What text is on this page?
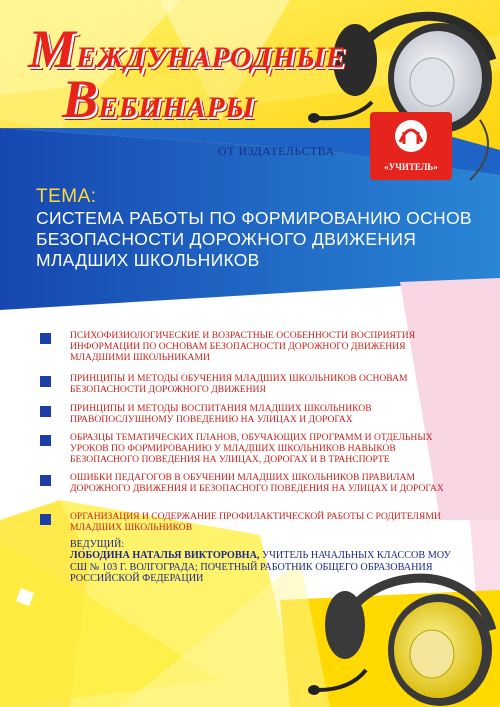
МЕЖДУНАРОДНЫЕ
ВЕБИНАРЫ
ОТ ИЗДАТЕЛЬСТВА
«УЧИТЕЛЬ»
ТЕМА:
СИСТЕМА РАБОТЫ ПО ФОРМИРОВАНИЮ ОСНОВ БЕЗОПАСНОСТИ ДОРОЖНОГО ДВИЖЕНИЯ МЛАДШИХ ШКОЛЬНИКОВ
ПСИХОФИЗИОЛОГИЧЕСКИЕ И ВОЗРАСТНЫЕ ОСОБЕННОСТИ ВОСПРИЯТИЯ ИНФОРМАЦИИ ПО ОСНОВАМ БЕЗОПАСНОСТИ ДОРОЖНОГО ДВИЖЕНИЯ МЛАДШИМИ ШКОЛЬНИКАМИ
ПРИНЦИПЫ И МЕТОДЫ ОБУЧЕНИЯ МЛАДШИХ ШКОЛЬНИКОВ ОСНОВАМ БЕЗОПАСНОСТИ ДОРОЖНОГО ДВИЖЕНИЯ
ПРИНЦИПЫ И МЕТОДЫ ВОСПИТАНИЯ МЛАДШИХ ШКОЛЬНИКОВ ПРАВОПОСЛУШНОМУ ПОВЕДЕНИЮ НА УЛИЦАХ И ДОРОГАХ
ОБРАЗЦЫ ТЕМАТИЧЕСКИХ ПЛАНОВ, ОБУЧАЮЩИХ ПРОГРАММ И ОТДЕЛЬНЫХ УРОКОВ ПО ФОРМИРОВАНИЮ У МЛАДШИХ ШКОЛЬНИКОВ НАВЫКОВ БЕЗОПАСНОГО ПОВЕДЕНИЯ НА УЛИЦАХ, ДОРОГАХ И В ТРАНСПОРТЕ
ОШИБКИ ПЕДАГОГОВ В ОБУЧЕНИИ МЛАДШИХ ШКОЛЬНИКОВ ПРАВИЛАМ ДОРОЖНОГО ДВИЖЕНИЯ И БЕЗОПАСНОГО ПОВЕДЕНИЯ НА УЛИЦАХ И ДОРОГАХ
ОРГАНИЗАЦИЯ И СОДЕРЖАНИЕ ПРОФИЛАКТИЧЕСКОЙ РАБОТЫ С РОДИТЕЛЯМИ МЛАДШИХ ШКОЛЬНИКОВ
ВЕДУЩИЙ:
ЛОБОДИНА НАТАЛЬЯ ВИКТОРОВНА, УЧИТЕЛЬ НАЧАЛЬНЫХ КЛАССОВ МОУ СШ № 103 Г. ВОЛГОГРАДА; ПОЧЕТНЫЙ РАБОТНИК ОБЩЕГО ОБРАЗОВАНИЯ РОССИЙСКОЙ ФЕДЕРАЦИИ
